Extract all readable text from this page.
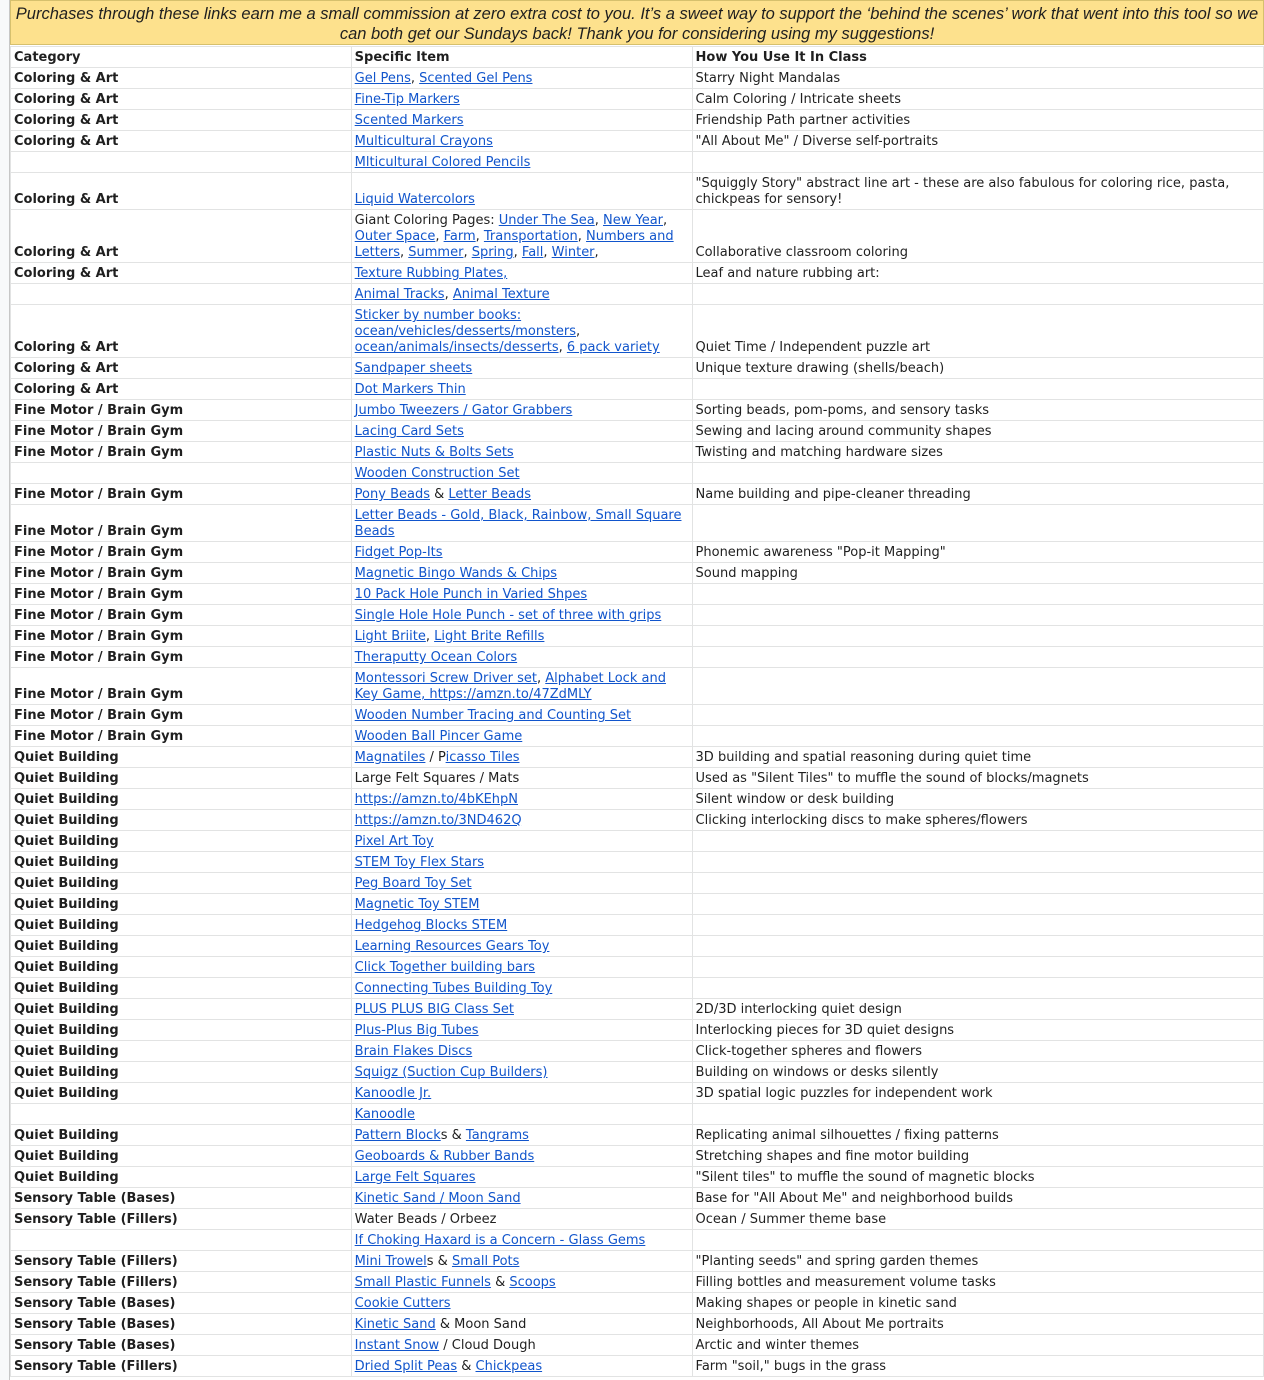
Purchases through these links earn me a small commission at zero extra cost to you. It’s a sweet way to support the ‘behind the scenes’ work that went into this tool so we can both get our Sundays back! Thank you for considering using my suggestions!
Category	Specific Item	How You Use It In Class
Coloring & Art	Gel Pens, Scented Gel Pens	Starry Night Mandalas
Coloring & Art	Fine-Tip Markers	Calm Coloring / Intricate sheets
Coloring & Art	Scented Markers	Friendship Path partner activities
Coloring & Art	Multicultural Crayons	"All About Me" / Diverse self-portraits
	Mlticultural Colored Pencils	
Coloring & Art	Liquid Watercolors	"Squiggly Story" abstract line art - these are also fabulous for coloring rice, pasta, chickpeas for sensory!
Coloring & Art	Giant Coloring Pages: Under The Sea, New Year, Outer Space, Farm, Transportation, Numbers and Letters, Summer, Spring, Fall, Winter,	Collaborative classroom coloring
Coloring & Art	Texture Rubbing Plates,	Leaf and nature rubbing art:
	Animal Tracks, Animal Texture	
Coloring & Art	Sticker by number books: ocean/vehicles/desserts/monsters, ocean/animals/insects/desserts, 6 pack variety	Quiet Time / Independent puzzle art
Coloring & Art	Sandpaper sheets	Unique texture drawing (shells/beach)
Coloring & Art	Dot Markers Thin	
Fine Motor / Brain Gym	Jumbo Tweezers / Gator Grabbers	Sorting beads, pom-poms, and sensory tasks
Fine Motor / Brain Gym	Lacing Card Sets	Sewing and lacing around community shapes
Fine Motor / Brain Gym	Plastic Nuts & Bolts Sets	Twisting and matching hardware sizes
	Wooden Construction Set	
Fine Motor / Brain Gym	Pony Beads & Letter Beads	Name building and pipe-cleaner threading
Fine Motor / Brain Gym	Letter Beads - Gold, Black, Rainbow, Small Square Beads	
Fine Motor / Brain Gym	Fidget Pop-Its	Phonemic awareness "Pop-it Mapping"
Fine Motor / Brain Gym	Magnetic Bingo Wands & Chips	Sound mapping
Fine Motor / Brain Gym	10 Pack Hole Punch in Varied Shpes	
Fine Motor / Brain Gym	Single Hole Hole Punch - set of three with grips	
Fine Motor / Brain Gym	Light Briite, Light Brite Refills	
Fine Motor / Brain Gym	Theraputty Ocean Colors	
Fine Motor / Brain Gym	Montessori Screw Driver set, Alphabet Lock and Key Game, https://amzn.to/47ZdMLY	
Fine Motor / Brain Gym	Wooden Number Tracing and Counting Set	
Fine Motor / Brain Gym	Wooden Ball Pincer Game	
Quiet Building	Magnatiles / Picasso Tiles	3D building and spatial reasoning during quiet time
Quiet Building	Large Felt Squares / Mats	Used as "Silent Tiles" to muffle the sound of blocks/magnets
Quiet Building	https://amzn.to/4bKEhpN	Silent window or desk building
Quiet Building	https://amzn.to/3ND462Q	Clicking interlocking discs to make spheres/flowers
Quiet Building	Pixel Art Toy	
Quiet Building	STEM Toy Flex Stars	
Quiet Building	Peg Board Toy Set	
Quiet Building	Magnetic Toy STEM	
Quiet Building	Hedgehog Blocks STEM	
Quiet Building	Learning Resources Gears Toy	
Quiet Building	Click Together building bars	
Quiet Building	Connecting Tubes Building Toy	
Quiet Building	PLUS PLUS BIG Class Set	2D/3D interlocking quiet design
Quiet Building	Plus-Plus Big Tubes	Interlocking pieces for 3D quiet designs
Quiet Building	Brain Flakes Discs	Click-together spheres and flowers
Quiet Building	Squigz (Suction Cup Builders)	Building on windows or desks silently
Quiet Building	Kanoodle Jr.	3D spatial logic puzzles for independent work
	Kanoodle	
Quiet Building	Pattern Blocks & Tangrams	Replicating animal silhouettes / fixing patterns
Quiet Building	Geoboards & Rubber Bands	Stretching shapes and fine motor building
Quiet Building	Large Felt Squares	"Silent tiles" to muffle the sound of magnetic blocks
Sensory Table (Bases)	Kinetic Sand / Moon Sand	Base for "All About Me" and neighborhood builds
Sensory Table (Fillers)	Water Beads / Orbeez	Ocean / Summer theme base
	If Choking Haxard is a Concern - Glass Gems	
Sensory Table (Fillers)	Mini Trowels & Small Pots	"Planting seeds" and spring garden themes
Sensory Table (Fillers)	Small Plastic Funnels & Scoops	Filling bottles and measurement volume tasks
Sensory Table (Bases)	Cookie Cutters	Making shapes or people in kinetic sand
Sensory Table (Bases)	Kinetic Sand & Moon Sand	Neighborhoods, All About Me portraits
Sensory Table (Bases)	Instant Snow / Cloud Dough	Arctic and winter themes
Sensory Table (Fillers)	Dried Split Peas & Chickpeas	Farm "soil," bugs in the grass
